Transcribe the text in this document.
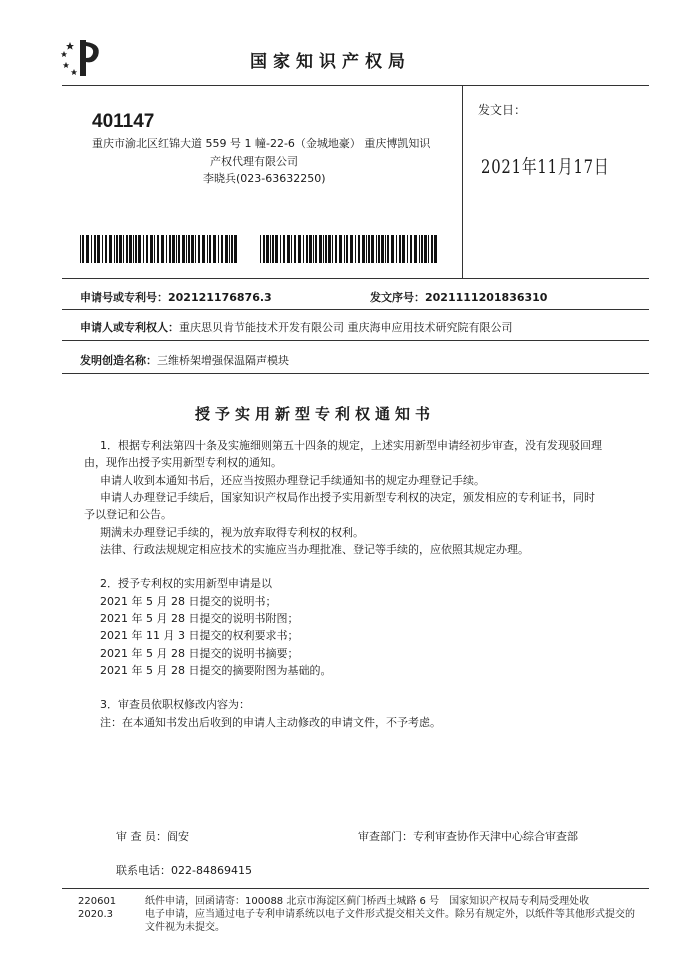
国家知识产权局
401147
重庆市渝北区红锦大道 559 号 1 幢-22-6（金城地豪） 重庆博凯知识
产权代理有限公司
李晓兵(023-63632250)
发文日：
2021年11月17日
申请号或专利号：202121176876.3	发文序号：2021111201836310
申请人或专利权人：重庆思贝肯节能技术开发有限公司 重庆海申应用技术研究院有限公司
发明创造名称：三维桥架增强保温隔声模块
授予实用新型专利权通知书
1．根据专利法第四十条及实施细则第五十四条的规定，上述实用新型申请经初步审查，没有发现驳回理
由，现作出授予实用新型专利权的通知。
申请人收到本通知书后，还应当按照办理登记手续通知书的规定办理登记手续。
申请人办理登记手续后，国家知识产权局作出授予实用新型专利权的决定，颁发相应的专利证书，同时
予以登记和公告。
期满未办理登记手续的，视为放弃取得专利权的权利。
法律、行政法规规定相应技术的实施应当办理批准、登记等手续的，应依照其规定办理。
2．授予专利权的实用新型申请是以
2021 年 5 月 28 日提交的说明书；
2021 年 5 月 28 日提交的说明书附图；
2021 年 11 月 3 日提交的权利要求书；
2021 年 5 月 28 日提交的说明书摘要；
2021 年 5 月 28 日提交的摘要附图为基础的。
3．审查员依职权修改内容为：
注：在本通知书发出后收到的申请人主动修改的申请文件，不予考虑。
审 查 员：阎安	审查部门：专利审查协作天津中心综合审查部
联系电话：022-84869415
220601
2020.3
纸件申请，回函请寄：100088 北京市海淀区蓟门桥西土城路 6 号　国家知识产权局专利局受理处收
电子申请，应当通过电子专利申请系统以电子文件形式提交相关文件。除另有规定外，以纸件等其他形式提交的
文件视为未提交。
